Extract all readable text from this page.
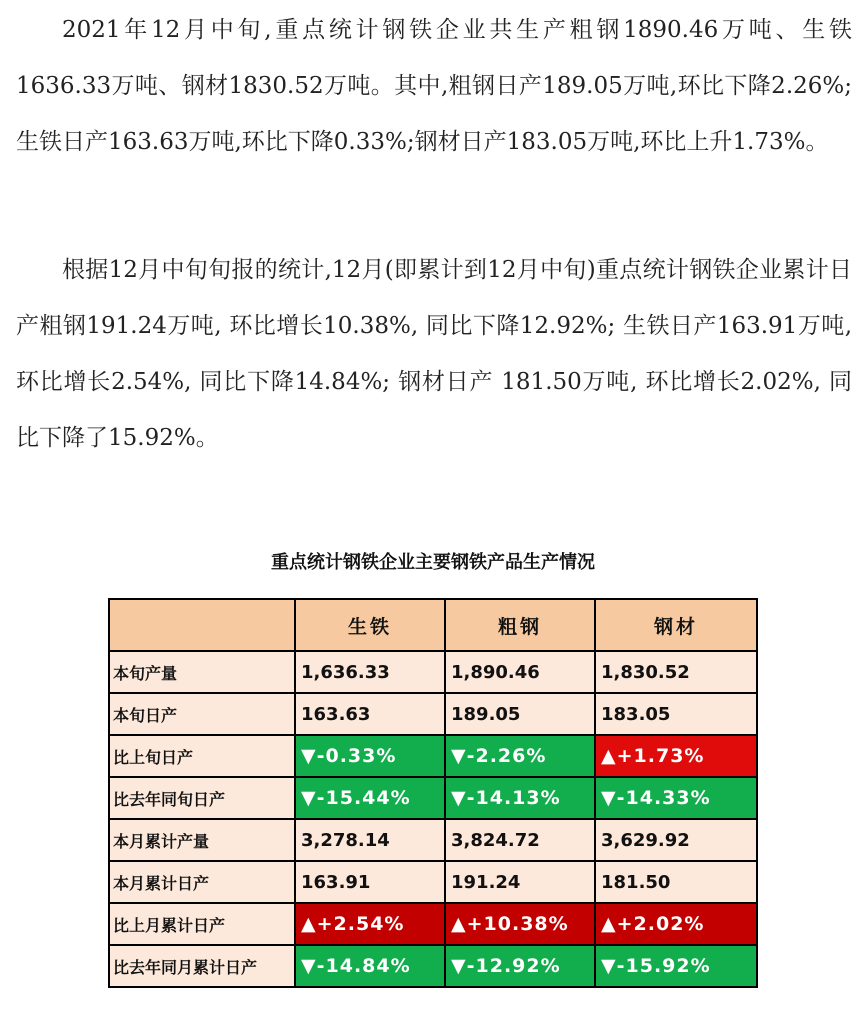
2021年12月中旬,重点统计钢铁企业共生产粗钢1890.46万吨、生铁1636.33万吨、钢材1830.52万吨。其中,粗钢日产189.05万吨,环比下降2.26%;生铁日产163.63万吨,环比下降0.33%;钢材日产183.05万吨,环比上升1.73%。

根据12月中旬旬报的统计,12月(即累计到12月中旬)重点统计钢铁企业累计日产粗钢191.24万吨, 环比增长10.38%, 同比下降12.92%; 生铁日产163.91万吨, 环比增长2.54%, 同比下降14.84%; 钢材日产 181.50万吨, 环比增长2.02%, 同比下降了15.92%。

重点统计钢铁企业主要钢铁产品生产情况
	生铁	粗钢	钢材
本旬产量	1,636.33	1,890.46	1,830.52
本旬日产	163.63	189.05	183.05
比上旬日产	▼-0.33%	▼-2.26%	▲+1.73%
比去年同旬日产	▼-15.44%	▼-14.13%	▼-14.33%
本月累计产量	3,278.14	3,824.72	3,629.92
本月累计日产	163.91	191.24	181.50
比上月累计日产	▲+2.54%	▲+10.38%	▲+2.02%
比去年同月累计日产	▼-14.84%	▼-12.92%	▼-15.92%
